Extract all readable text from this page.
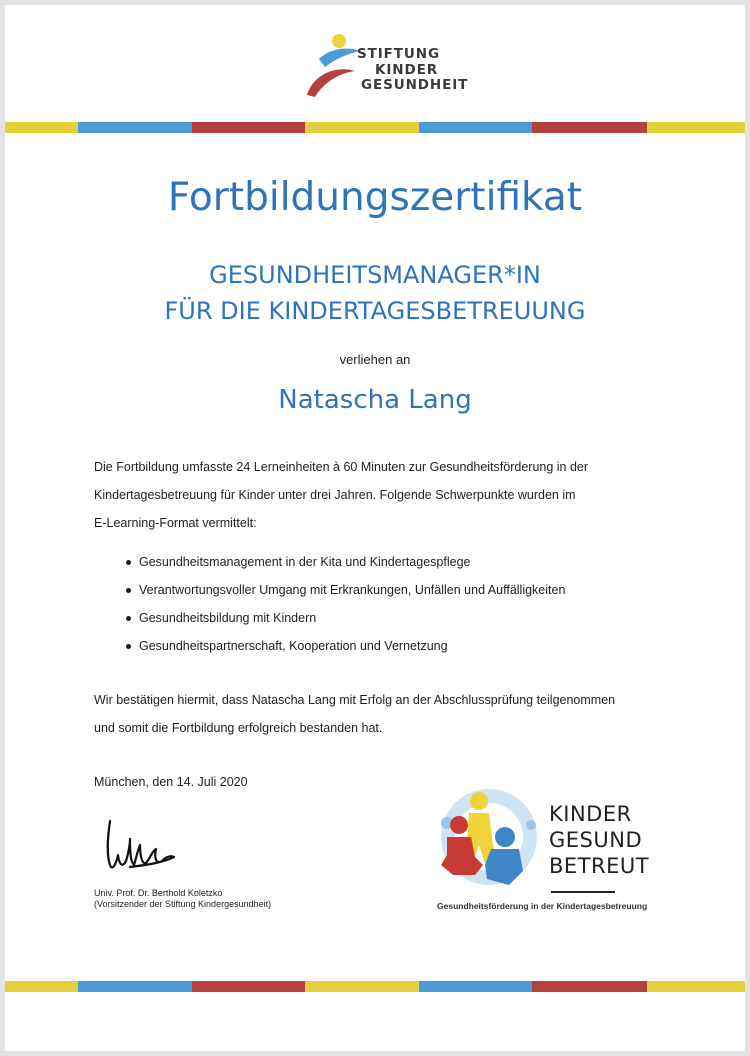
STIFTUNG
KINDER
GESUNDHEIT
Fortbildungszertifikat
GESUNDHEITSMANAGER*IN
FÜR DIE KINDERTAGESBETREUUNG
verliehen an
Natascha Lang
Die Fortbildung umfasste 24 Lerneinheiten à 60 Minuten zur Gesundheitsförderung in der
Kindertagesbetreuung für Kinder unter drei Jahren. Folgende Schwerpunkte wurden im
E-Learning-Format vermittelt:
Gesundheitsmanagement in der Kita und Kindertagespflege
Verantwortungsvoller Umgang mit Erkrankungen, Unfällen und Auffälligkeiten
Gesundheitsbildung mit Kindern
Gesundheitspartnerschaft, Kooperation und Vernetzung
Wir bestätigen hiermit, dass Natascha Lang mit Erfolg an der Abschlussprüfung teilgenommen
und somit die Fortbildung erfolgreich bestanden hat.
München, den 14. Juli 2020
Univ. Prof. Dr. Berthold Koletzko
(Vorsitzender der Stiftung Kindergesundheit)
KINDER
GESUND
BETREUT
Gesundheitsförderung in der Kindertagesbetreuung
